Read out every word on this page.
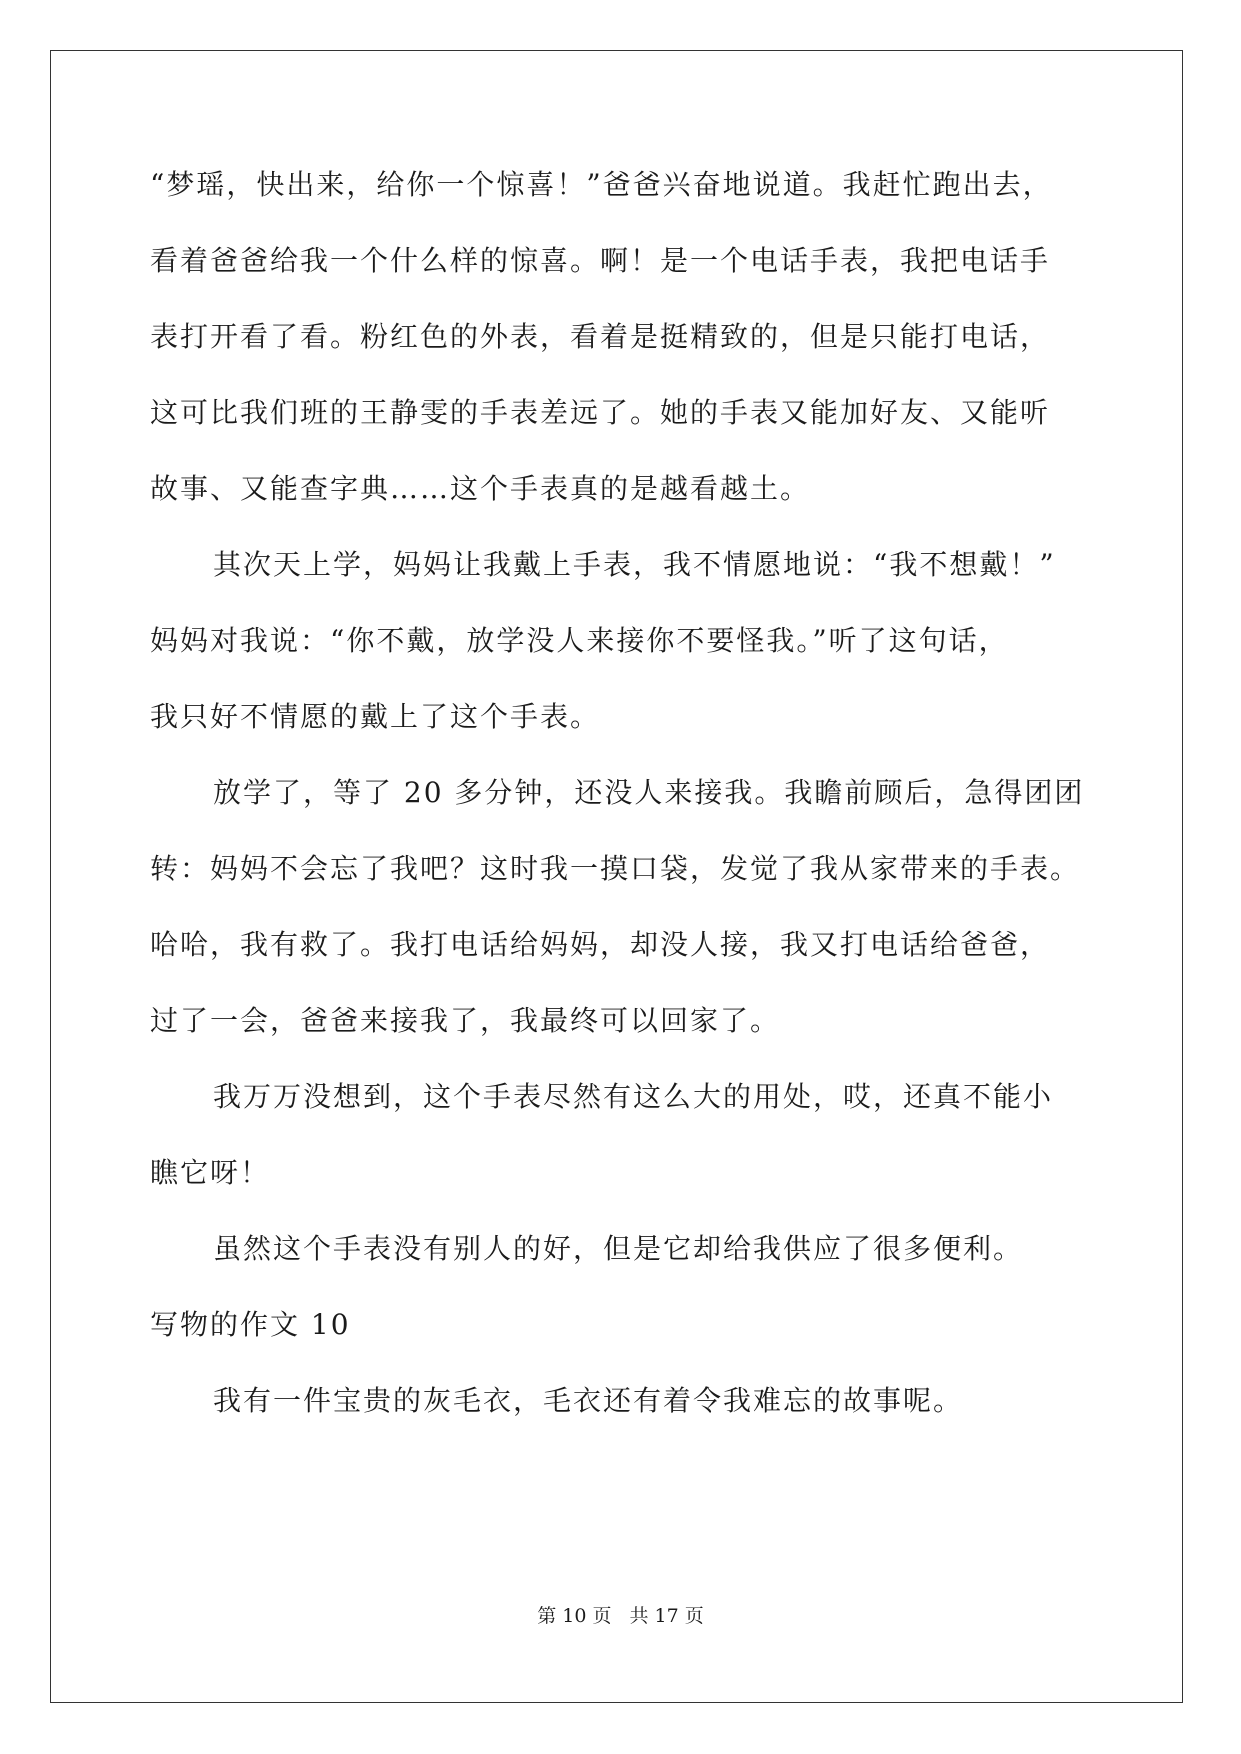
“梦瑶，快出来，给你一个惊喜！”爸爸兴奋地说道。我赶忙跑出去，
看着爸爸给我一个什么样的惊喜。啊！是一个电话手表，我把电话手
表打开看了看。粉红色的外表，看着是挺精致的，但是只能打电话，
这可比我们班的王静雯的手表差远了。她的手表又能加好友、又能听
故事、又能查字典……这个手表真的是越看越土。
其次天上学，妈妈让我戴上手表，我不情愿地说：“我不想戴！”
妈妈对我说：“你不戴，放学没人来接你不要怪我。”听了这句话，
我只好不情愿的戴上了这个手表。
放学了，等了 20 多分钟，还没人来接我。我瞻前顾后，急得团团
转：妈妈不会忘了我吧？这时我一摸口袋，发觉了我从家带来的手表。
哈哈，我有救了。我打电话给妈妈，却没人接，我又打电话给爸爸，
过了一会，爸爸来接我了，我最终可以回家了。
我万万没想到，这个手表尽然有这么大的用处，哎，还真不能小
瞧它呀！
虽然这个手表没有别人的好，但是它却给我供应了很多便利。
写物的作文 10
我有一件宝贵的灰毛衣，毛衣还有着令我难忘的故事呢。
第 10 页 共 17 页
